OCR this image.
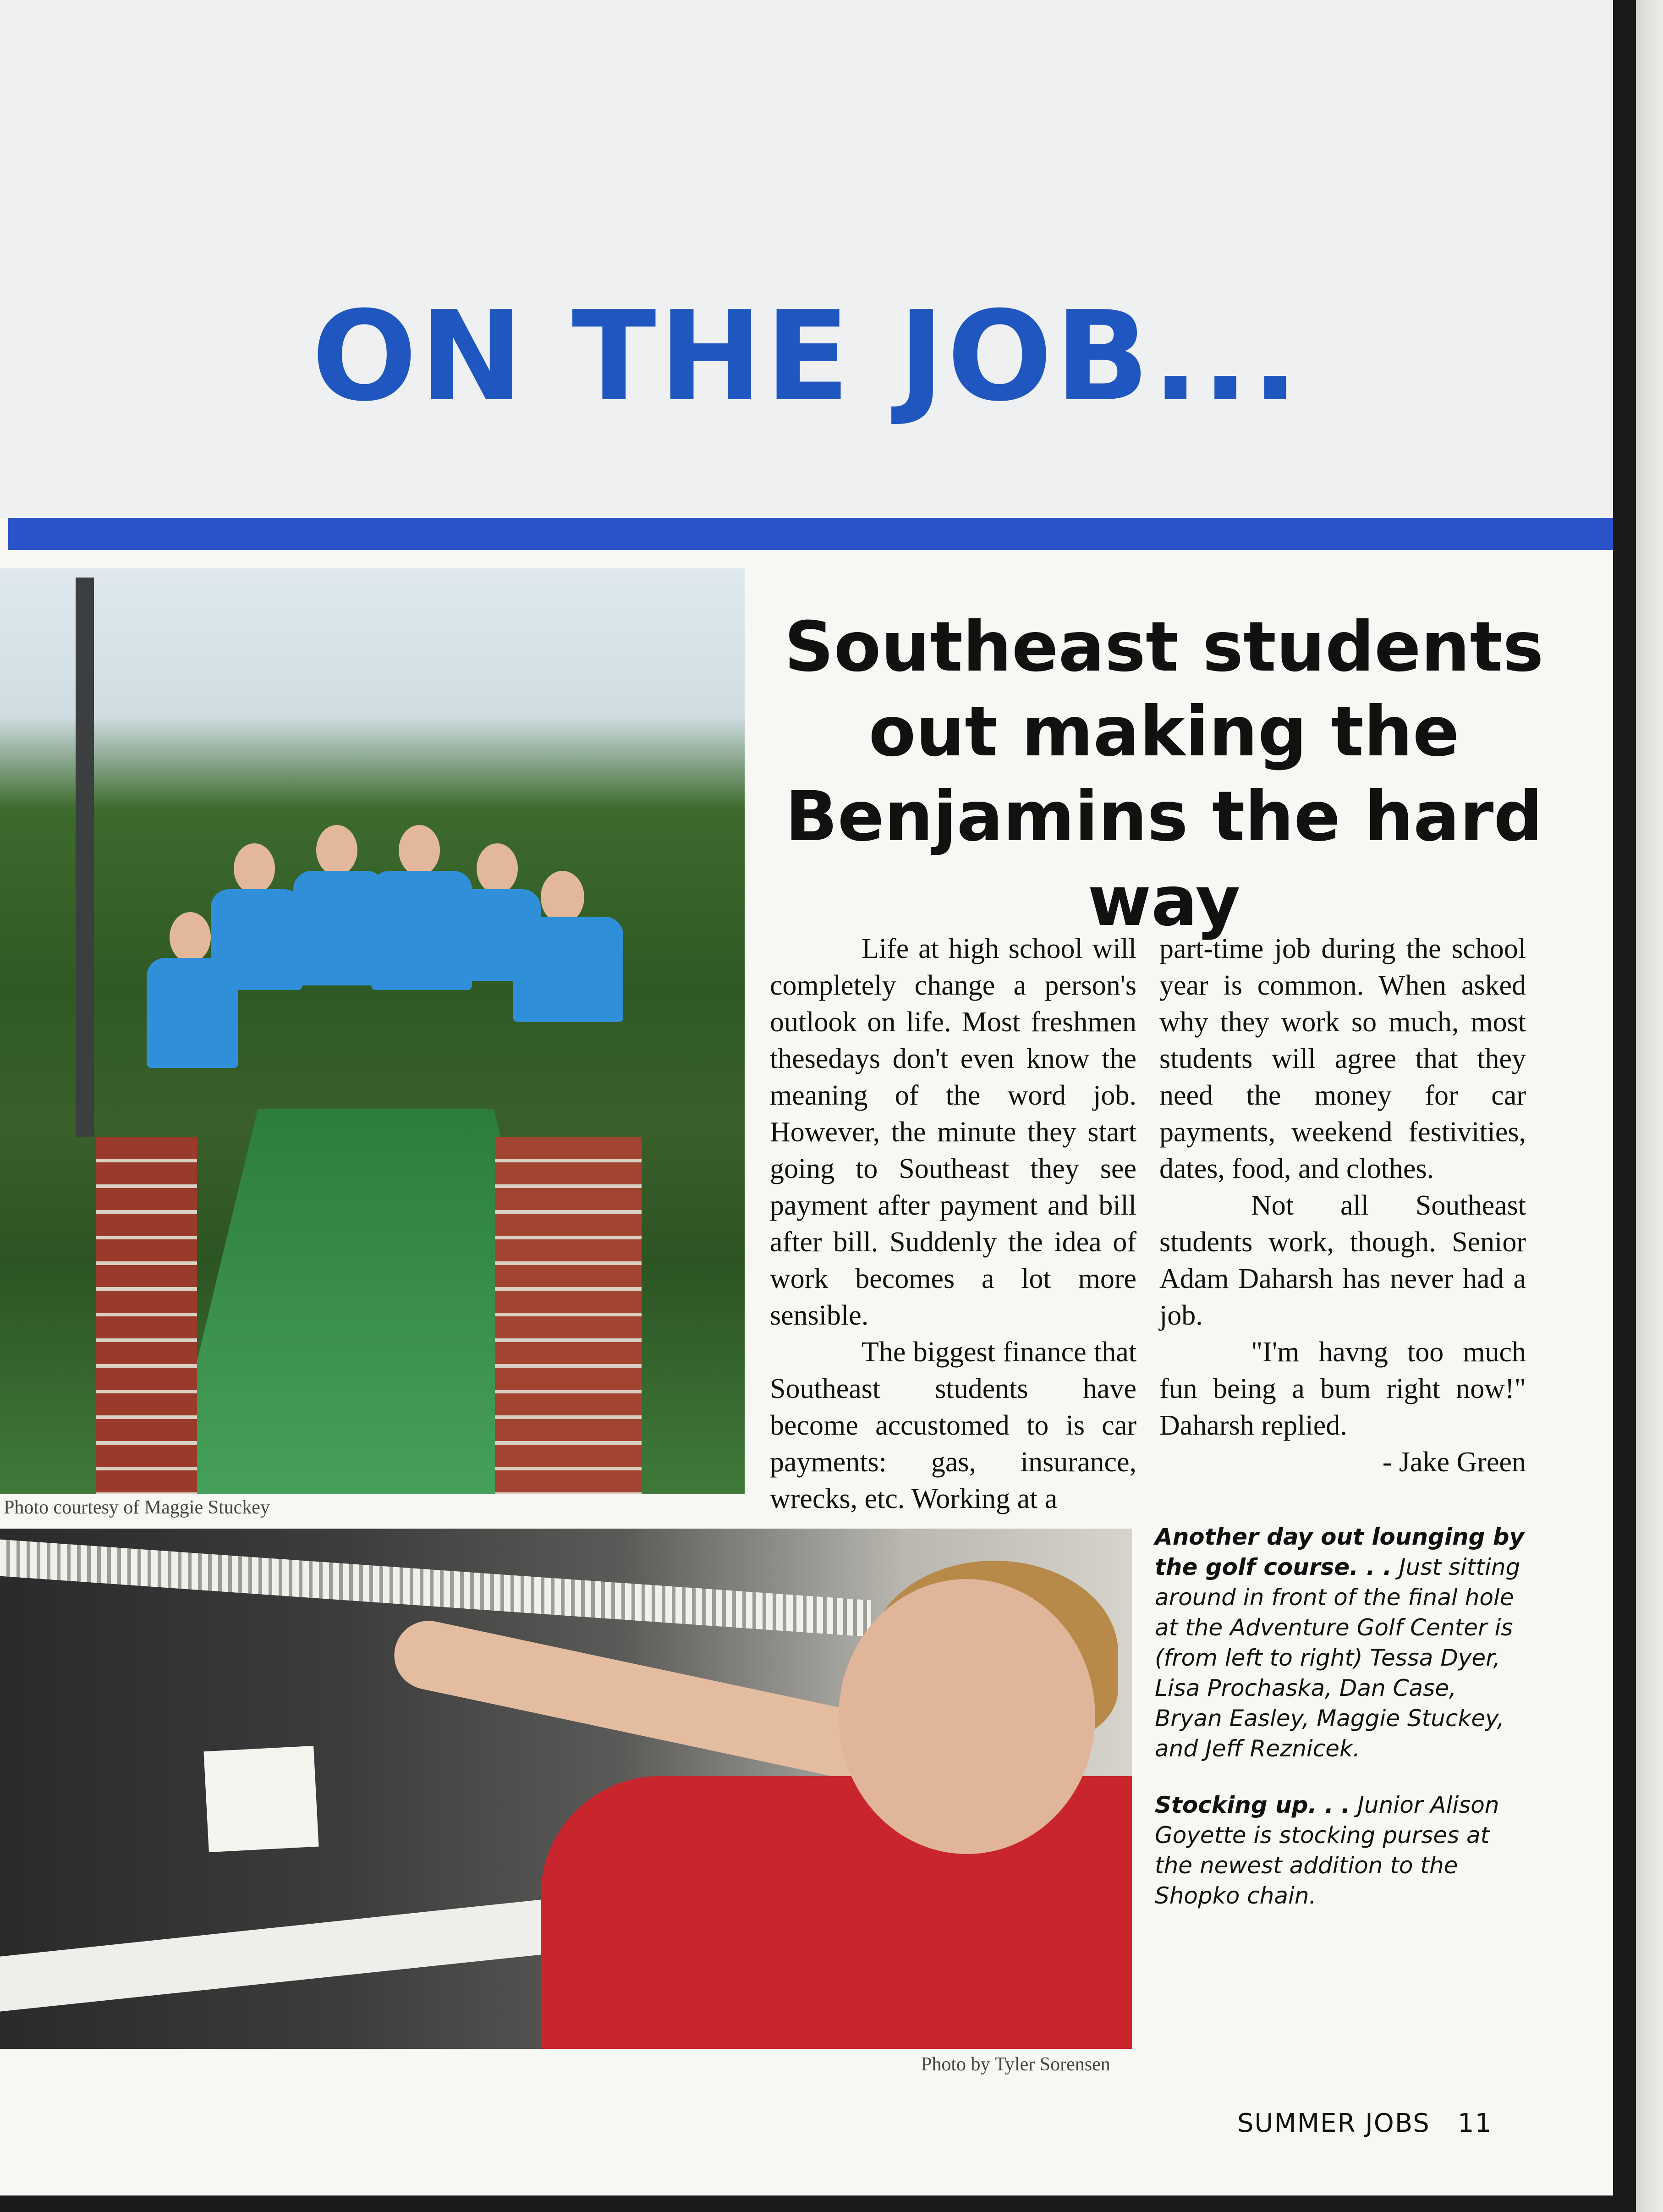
ON THE JOB...
Southeast students out making the Benjamins the hard way

Photo courtesy of Maggie Stuckey

Life at high school will completely change a person's outlook on life. Most freshmen thesedays don't even know the meaning of the word job. However, the minute they start going to Southeast they see payment after payment and bill after bill. Suddenly the idea of work becomes a lot more sensible.

The biggest finance that Southeast students have become accustomed to is car payments: gas, insurance, wrecks, etc. Working at a

part-time job during the school year is common. When asked why they work so much, most students will agree that they need the money for car payments, weekend festivities, dates, food, and clothes.

Not all Southeast students work, though. Senior Adam Daharsh has never had a job.

"I'm havng too much fun being a bum right now!" Daharsh replied.

- Jake Green

Photo by Tyler Sorensen

Another day out lounging by the golf course. . . Just sitting around in front of the final hole at the Adventure Golf Center is (from left to right) Tessa Dyer, Lisa Prochaska, Dan Case, Bryan Easley, Maggie Stuckey, and Jeff Reznicek.

Stocking up. . . Junior Alison Goyette is stocking purses at the newest addition to the Shopko chain.

SUMMER JOBS 11
